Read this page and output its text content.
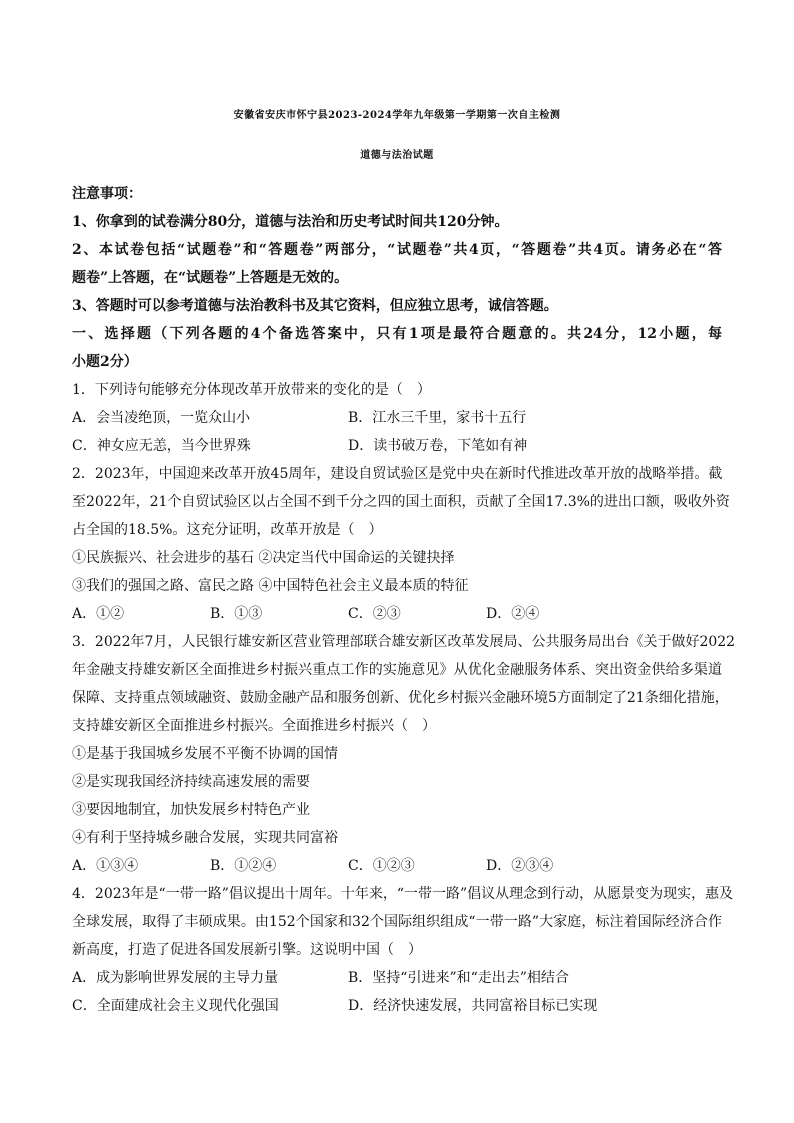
安徽省安庆市怀宁县2023-2024学年九年级第一学期第一次自主检测
道德与法治试题
注意事项：
1、你拿到的试卷满分80分，道德与法治和历史考试时间共120分钟。
2、本试卷包括“试题卷”和“答题卷”两部分，“试题卷”共4页，“答题卷”共4页。请务必在“答
题卷”上答题，在“试题卷”上答题是无效的。
3、答题时可以参考道德与法治教科书及其它资料，但应独立思考，诚信答题。
一、选择题（下列各题的4个备选答案中，只有1项是最符合题意的。共24分，12小题，每
小题2分）
1．下列诗句能够充分体现改革开放带来的变化的是（　）
A．会当凌绝顶，一览众山小	B．江水三千里，家书十五行
C．神女应无恙，当今世界殊	D．读书破万卷，下笔如有神
2．2023年，中国迎来改革开放45周年，建设自贸试验区是党中央在新时代推进改革开放的战略举措。截
至2022年，21个自贸试验区以占全国不到千分之四的国土面积，贡献了全国17.3%的进出口额，吸收外资
占全国的18.5%。这充分证明，改革开放是（　）
①民族振兴、社会进步的基石 ②决定当代中国命运的关键抉择
③我们的强国之路、富民之路 ④中国特色社会主义最本质的特征
A．①②	B．①③	C．②③	D．②④
3．2022年7月，人民银行雄安新区营业管理部联合雄安新区改革发展局、公共服务局出台《关于做好2022
年金融支持雄安新区全面推进乡村振兴重点工作的实施意见》从优化金融服务体系、突出资金供给多渠道
保障、支持重点领域融资、鼓励金融产品和服务创新、优化乡村振兴金融环境5方面制定了21条细化措施，
支持雄安新区全面推进乡村振兴。全面推进乡村振兴（　）
①是基于我国城乡发展不平衡不协调的国情
②是实现我国经济持续高速发展的需要
③要因地制宜，加快发展乡村特色产业
④有利于坚持城乡融合发展，实现共同富裕
A．①③④	B．①②④	C．①②③	D．②③④
4．2023年是“一带一路”倡议提出十周年。十年来，“一带一路”倡议从理念到行动，从愿景变为现实，惠及
全球发展，取得了丰硕成果。由152个国家和32个国际组织组成“一带一路”大家庭，标注着国际经济合作
新高度，打造了促进各国发展新引擎。这说明中国（　）
A．成为影响世界发展的主导力量	B．坚持“引进来”和“走出去”相结合
C．全面建成社会主义现代化强国	D．经济快速发展，共同富裕目标已实现
